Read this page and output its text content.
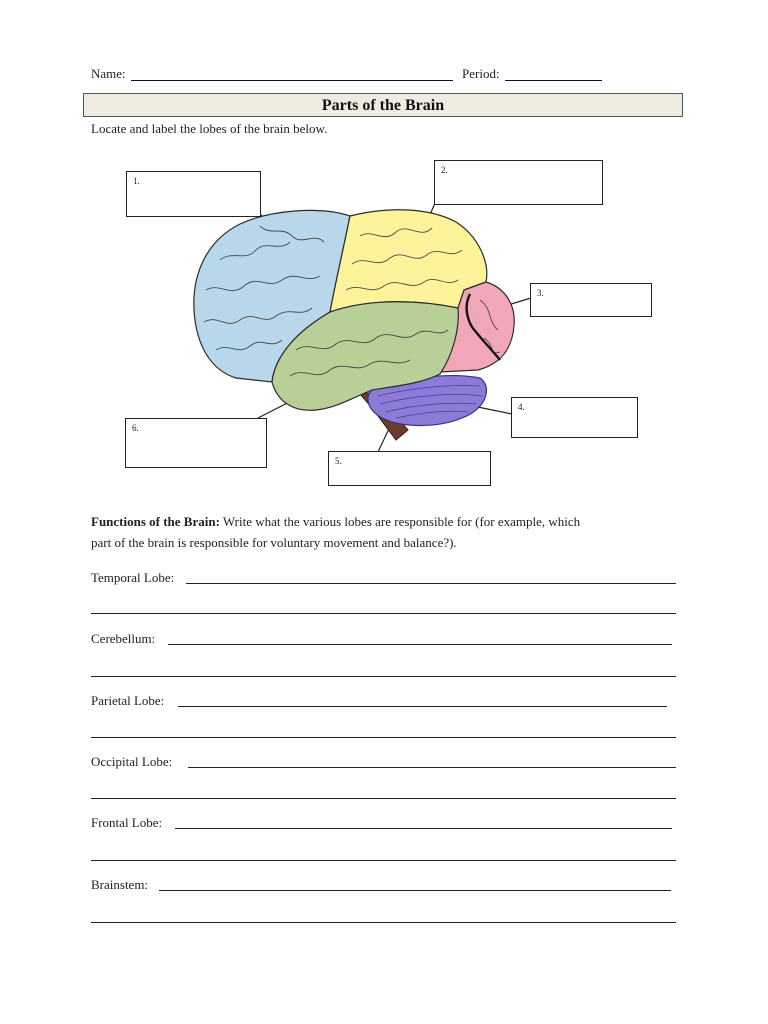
Name:	Period:
Parts of the Brain
Locate and label the lobes of the brain below.
1.
2.
3.
4.
5.
6.
Functions of the Brain: Write what the various lobes are responsible for (for example, which
part of the brain is responsible for voluntary movement and balance?).
Temporal Lobe:
Cerebellum:
Parietal Lobe:
Occipital Lobe:
Frontal Lobe:
Brainstem:
